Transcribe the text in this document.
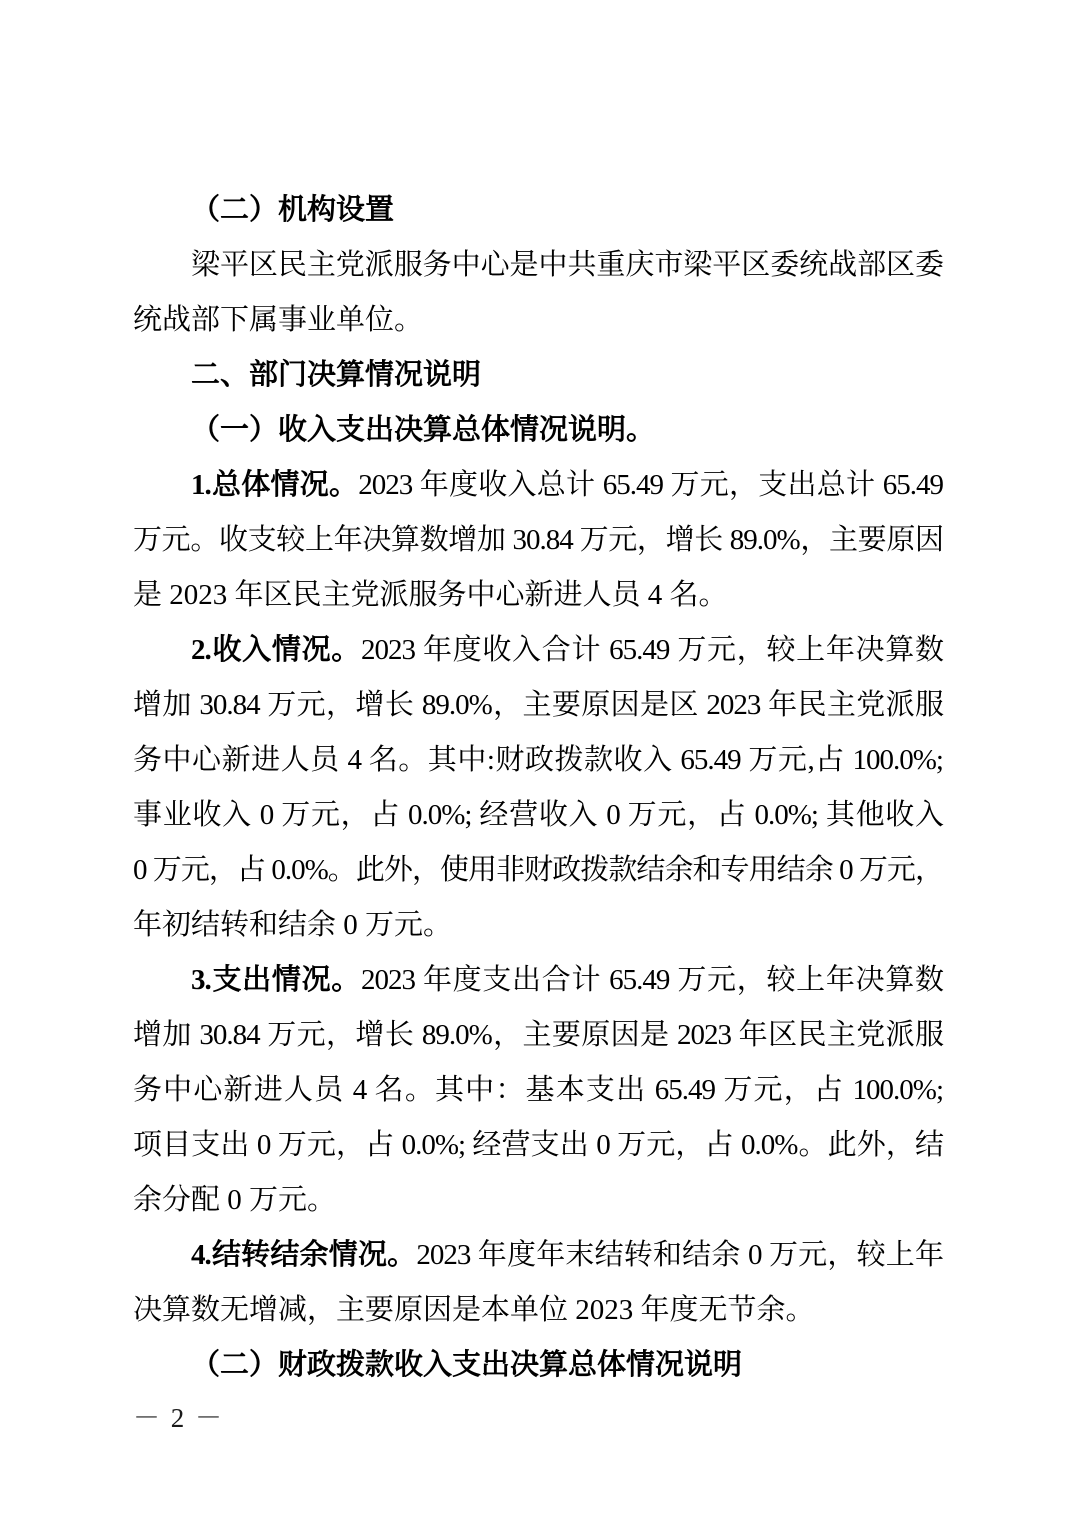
（二）机构设置
梁平区民主党派服务中心是中共重庆市梁平区委统战部区委
统战部下属事业单位。
二、部门决算情况说明
（一）收入支出决算总体情况说明。
1.总体情况。2023 年度收入总计 65.49 万元，支出总计 65.49
万元。收支较上年决算数增加 30.84 万元，增长 89.0%，主要原因
是 2023 年区民主党派服务中心新进人员 4 名。
2.收入情况。2023 年度收入合计 65.49 万元，较上年决算数
增加 30.84 万元，增长 89.0%，主要原因是区 2023 年民主党派服
务中心新进人员 4 名。其中:财政拨款收入 65.49 万元,占 100.0%;
事业收入 0 万元，占 0.0%; 经营收入 0 万元，占 0.0%; 其他收入
0 万元，占 0.0%。此外，使用非财政拨款结余和专用结余 0 万元，
年初结转和结余 0 万元。
3.支出情况。2023 年度支出合计 65.49 万元，较上年决算数
增加 30.84 万元，增长 89.0%，主要原因是 2023 年区民主党派服
务中心新进人员 4 名。其中：基本支出 65.49 万元，占 100.0%;
项目支出 0 万元，占 0.0%; 经营支出 0 万元，占 0.0%。此外，结
余分配 0 万元。
4.结转结余情况。2023 年度年末结转和结余 0 万元，较上年
决算数无增减，主要原因是本单位 2023 年度无节余。
（二）财政拨款收入支出决算总体情况说明
－ 2 －
